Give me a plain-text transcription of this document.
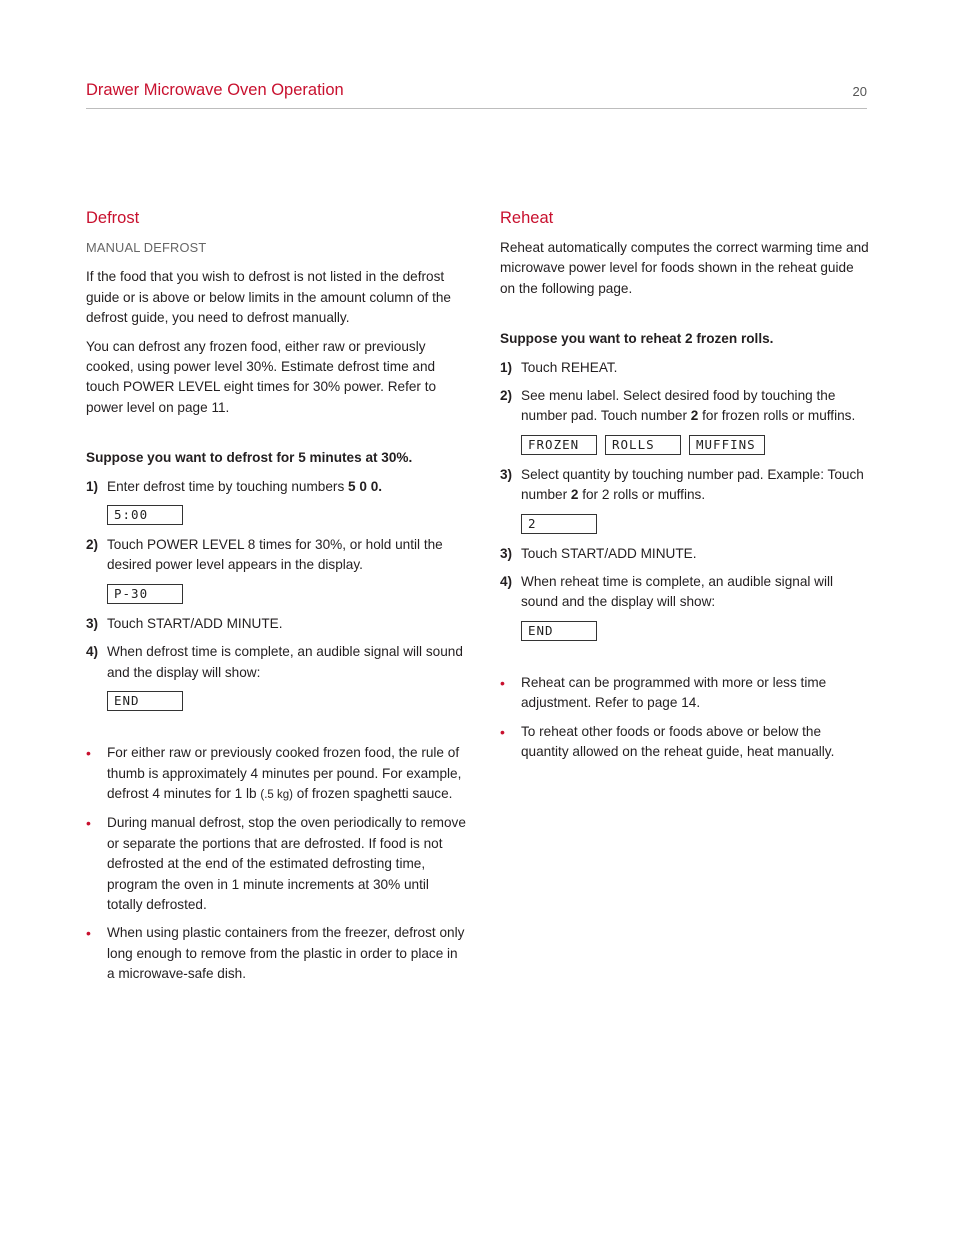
Drawer Microwave Oven Operation	20
Defrost
MANUAL DEFROST

If the food that you wish to defrost is not listed in the defrost guide or is above or below limits in the amount column of the defrost guide, you need to defrost manually.

You can defrost any frozen food, either raw or previously cooked, using power level 30%. Estimate defrost time and touch POWER LEVEL eight times for 30% power. Refer to power level on page 11.

Suppose you want to defrost for 5 minutes at 30%.
1) Enter defrost time by touching numbers 5 0 0.
5:00
2) Touch POWER LEVEL 8 times for 30%, or hold until the desired power level appears in the display.
P-30
3) Touch START/ADD MINUTE.
4) When defrost time is complete, an audible signal will sound and the display will show:
END
•	For either raw or previously cooked frozen food, the rule of thumb is approximately 4 minutes per pound. For example, defrost 4 minutes for 1 lb (.5 kg) of frozen spaghetti sauce.
•	During manual defrost, stop the oven periodically to remove or separate the portions that are defrosted. If food is not defrosted at the end of the estimated defrosting time, program the oven in 1 minute increments at 30% until totally defrosted.
•	When using plastic containers from the freezer, defrost only long enough to remove from the plastic in order to place in a microwave-safe dish.
Reheat

Reheat automatically computes the correct warming time and microwave power level for foods shown in the reheat guide on the following page.

Suppose you want to reheat 2 frozen rolls.
1) Touch REHEAT.
2) See menu label. Select desired food by touching the number pad. Touch number 2 for frozen rolls or muffins.
FROZEN	ROLLS	MUFFINS
3) Select quantity by touching number pad. Example: Touch number 2 for 2 rolls or muffins.
2
3) Touch START/ADD MINUTE.
4) When reheat time is complete, an audible signal will sound and the display will show:
END
•	Reheat can be programmed with more or less time adjustment. Refer to page 14.
•	To reheat other foods or foods above or below the quantity allowed on the reheat guide, heat manually.
